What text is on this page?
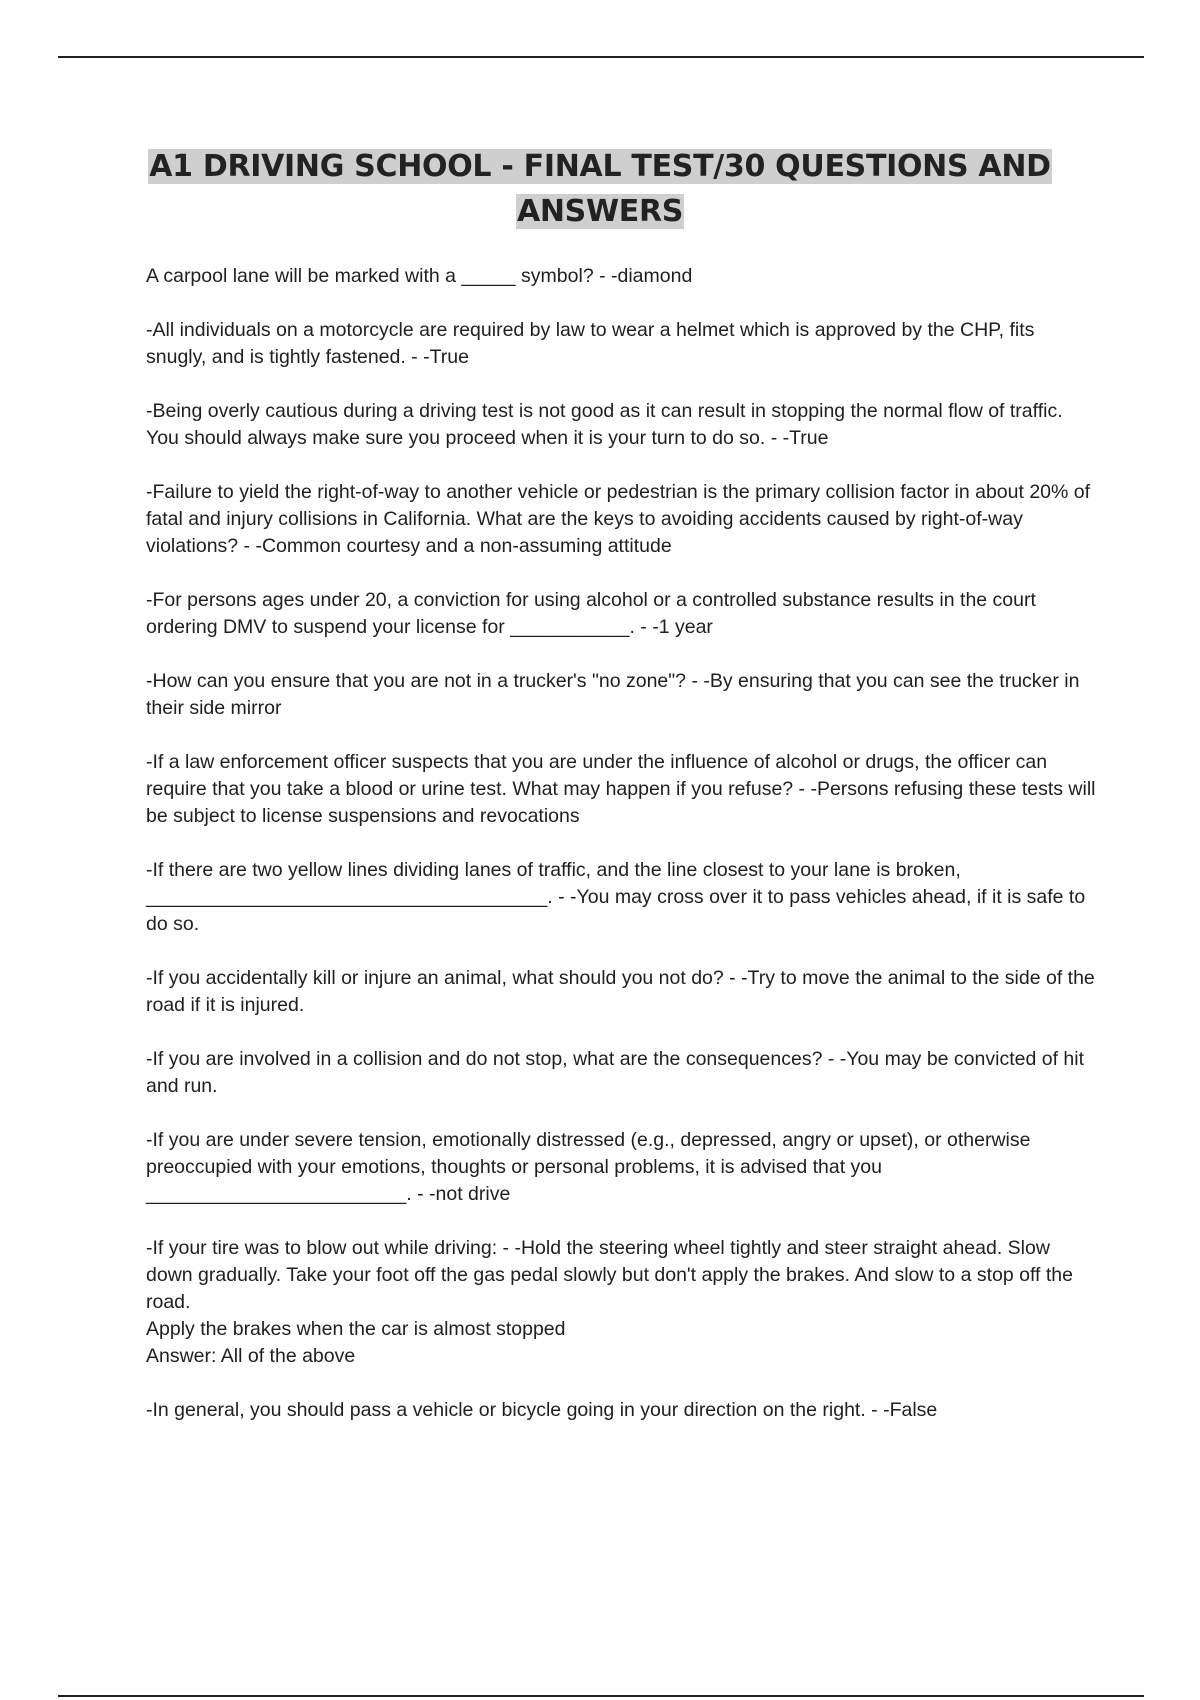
A1 DRIVING SCHOOL - FINAL TEST/30 QUESTIONS AND
ANSWERS

A carpool lane will be marked with a _____ symbol? - -diamond

-All individuals on a motorcycle are required by law to wear a helmet which is approved by the CHP, fits snugly, and is tightly fastened. - -True

-Being overly cautious during a driving test is not good as it can result in stopping the normal flow of traffic. You should always make sure you proceed when it is your turn to do so. - -True

-Failure to yield the right-of-way to another vehicle or pedestrian is the primary collision factor in about 20% of fatal and injury collisions in California. What are the keys to avoiding accidents caused by right-of-way violations? - -Common courtesy and a non-assuming attitude

-For persons ages under 20, a conviction for using alcohol or a controlled substance results in the court ordering DMV to suspend your license for ___________. - -1 year

-How can you ensure that you are not in a trucker's "no zone"? - -By ensuring that you can see the trucker in their side mirror

-If a law enforcement officer suspects that you are under the influence of alcohol or drugs, the officer can require that you take a blood or urine test. What may happen if you refuse? - -Persons refusing these tests will be subject to license suspensions and revocations

-If there are two yellow lines dividing lanes of traffic, and the line closest to your lane is broken, _____________________________________. - -You may cross over it to pass vehicles ahead, if it is safe to do so.

-If you accidentally kill or injure an animal, what should you not do? - -Try to move the animal to the side of the road if it is injured.

-If you are involved in a collision and do not stop, what are the consequences? - -You may be convicted of hit and run.

-If you are under severe tension, emotionally distressed (e.g., depressed, angry or upset), or otherwise preoccupied with your emotions, thoughts or personal problems, it is advised that you ________________________. - -not drive

-If your tire was to blow out while driving: - -Hold the steering wheel tightly and steer straight ahead. Slow down gradually. Take your foot off the gas pedal slowly but don't apply the brakes. And slow to a stop off the road.
Apply the brakes when the car is almost stopped
Answer: All of the above

-In general, you should pass a vehicle or bicycle going in your direction on the right. - -False
